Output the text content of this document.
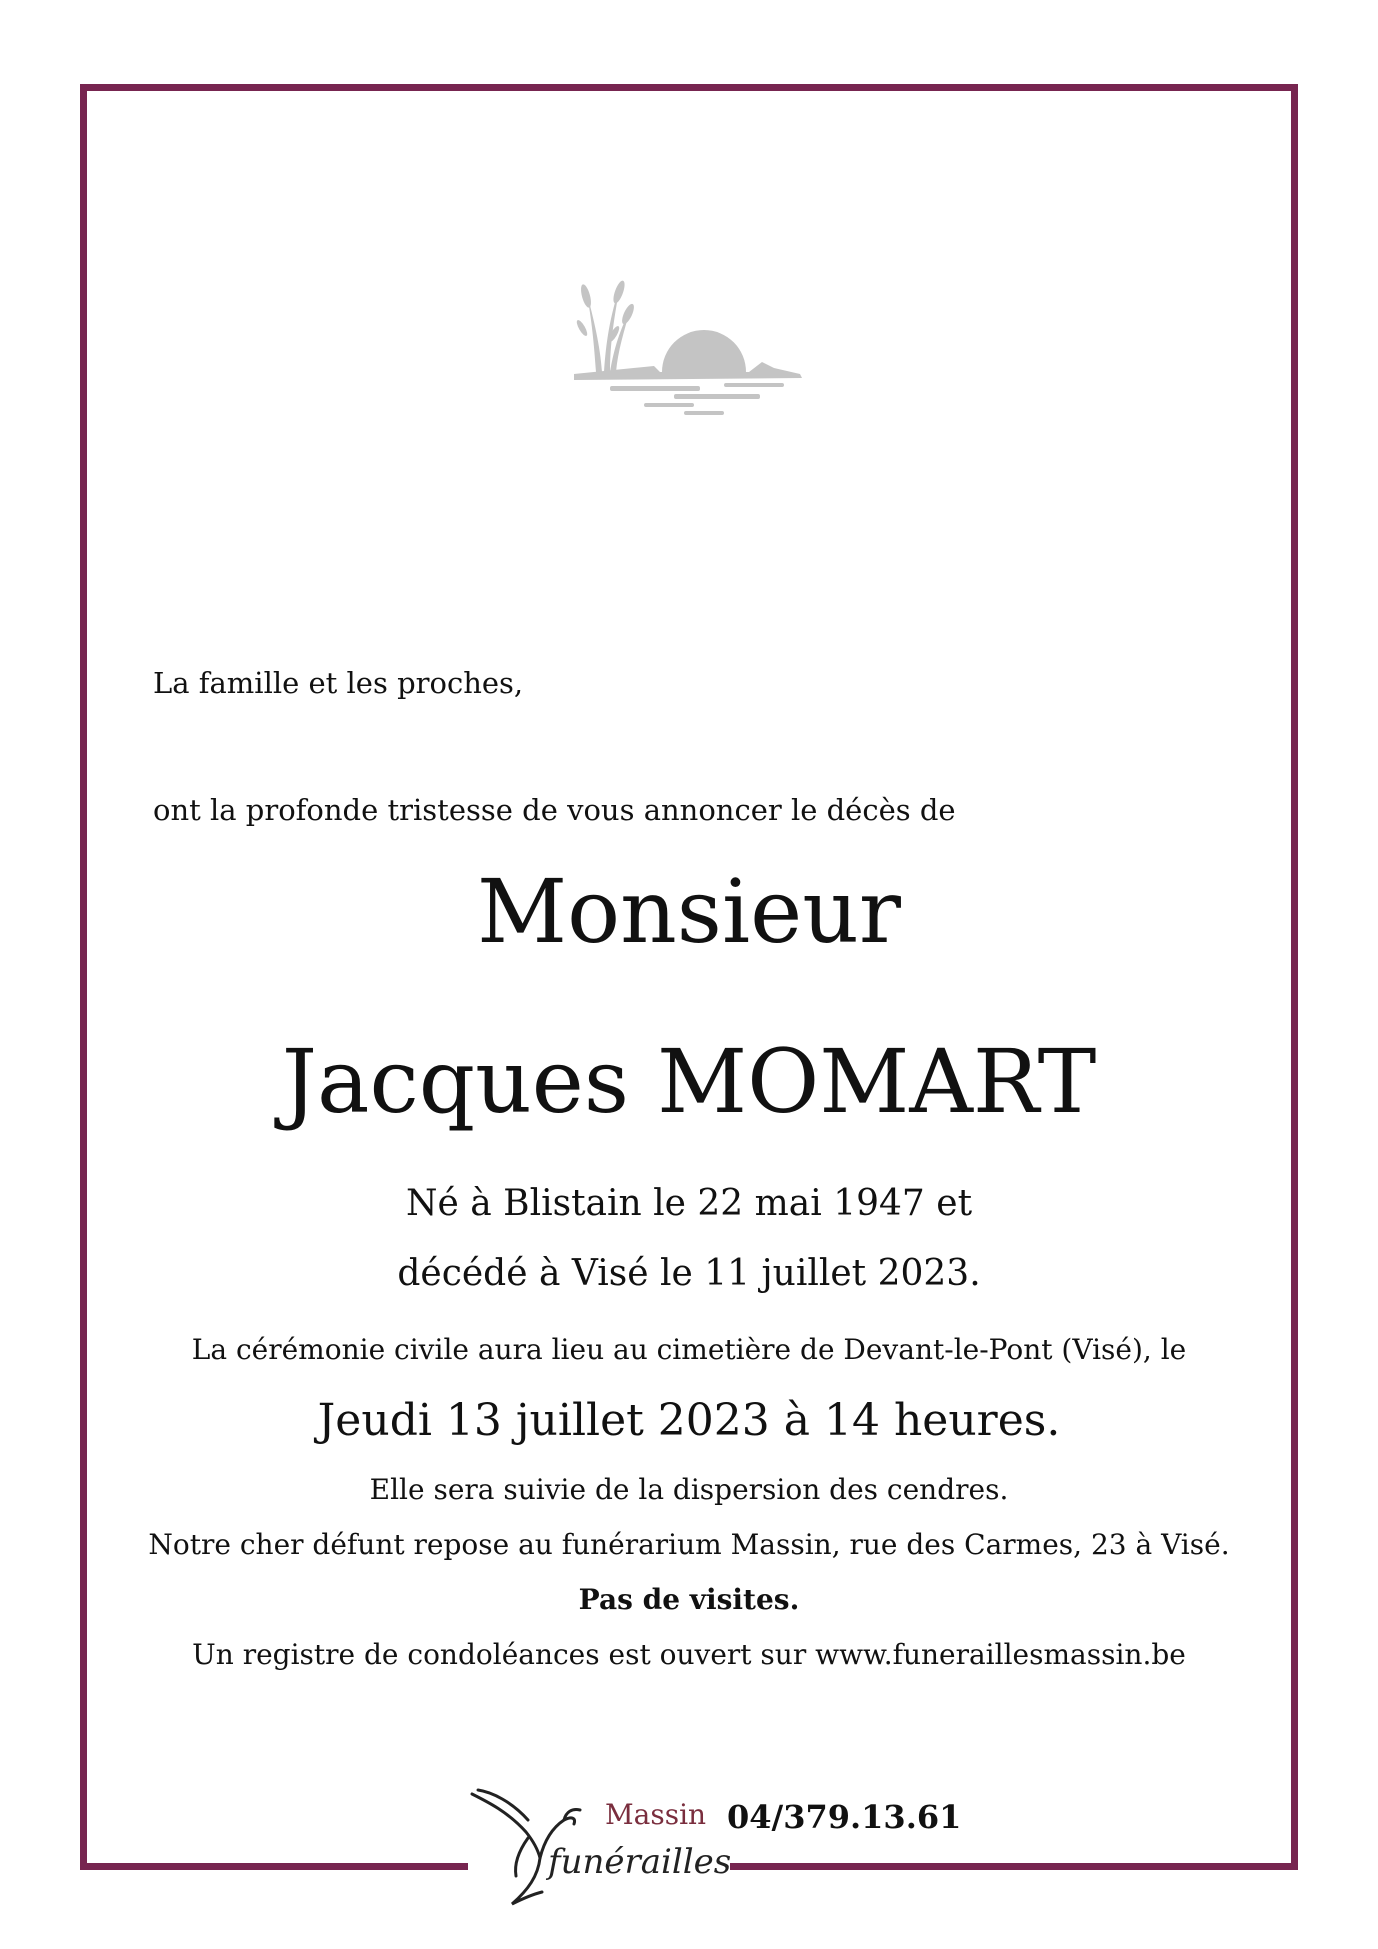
La famille et les proches,

ont la profonde tristesse de vous annoncer le décès de

Monsieur

Jacques MOMART

Né à Blistain le 22 mai 1947 et

décédé à Visé le 11 juillet 2023.

La cérémonie civile aura lieu au cimetière de Devant-le-Pont (Visé), le

Jeudi 13 juillet 2023 à 14 heures.

Elle sera suivie de la dispersion des cendres.

Notre cher défunt repose au funérarium Massin, rue des Carmes, 23 à Visé.

Pas de visites.

Un registre de condoléances est ouvert sur www.funeraillesmassin.be

Massin

funérailles

04/379.13.61
